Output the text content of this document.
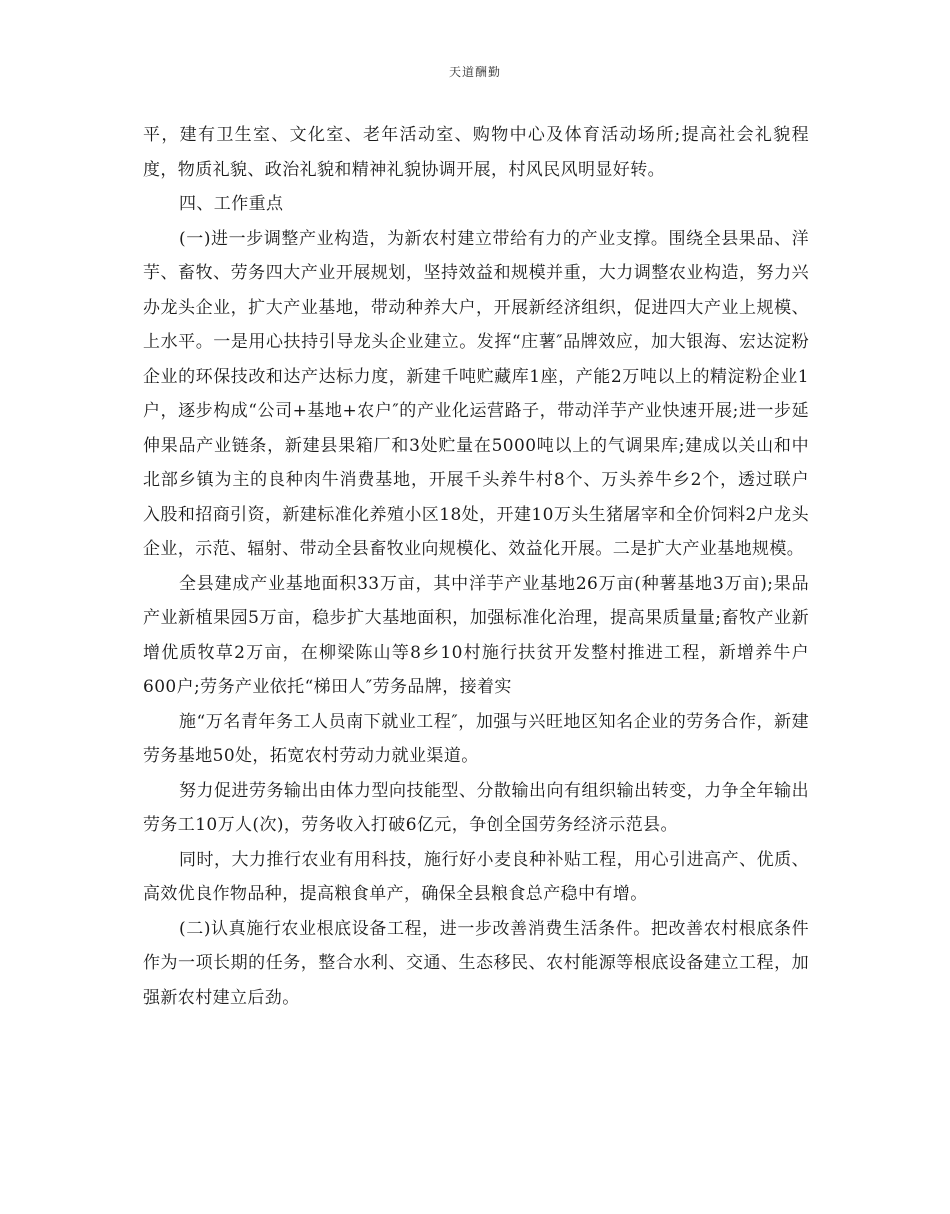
天道酬勤

平，建有卫生室、文化室、老年活动室、购物中心及体育活动场所;提高社会礼貌程度，物质礼貌、政治礼貌和精神礼貌协调开展，村风民风明显好转。

四、工作重点

(一)进一步调整产业构造，为新农村建立带给有力的产业支撑。围绕全县果品、洋芋、畜牧、劳务四大产业开展规划，坚持效益和规模并重，大力调整农业构造，努力兴办龙头企业，扩大产业基地，带动种养大户，开展新经济组织，促进四大产业上规模、上水平。一是用心扶持引导龙头企业建立。发挥“庄薯″品牌效应，加大银海、宏达淀粉企业的环保技改和达产达标力度，新建千吨贮藏库1座，产能2万吨以上的精淀粉企业1户，逐步构成“公司+基地+农户″的产业化运营路子，带动洋芋产业快速开展;进一步延伸果品产业链条，新建县果箱厂和3处贮量在5000吨以上的气调果库;建成以关山和中北部乡镇为主的良种肉牛消费基地，开展千头养牛村8个、万头养牛乡2个，透过联户入股和招商引资，新建标准化养殖小区18处，开建10万头生猪屠宰和全价饲料2户龙头企业，示范、辐射、带动全县畜牧业向规模化、效益化开展。二是扩大产业基地规模。

全县建成产业基地面积33万亩，其中洋芋产业基地26万亩(种薯基地3万亩);果品产业新植果园5万亩，稳步扩大基地面积，加强标准化治理，提高果质量量;畜牧产业新增优质牧草2万亩，在柳梁陈山等8乡10村施行扶贫开发整村推进工程，新增养牛户600户;劳务产业依托“梯田人″劳务品牌，接着实

施“万名青年务工人员南下就业工程″，加强与兴旺地区知名企业的劳务合作，新建劳务基地50处，拓宽农村劳动力就业渠道。

努力促进劳务输出由体力型向技能型、分散输出向有组织输出转变，力争全年输出劳务工10万人(次)，劳务收入打破6亿元，争创全国劳务经济示范县。

同时，大力推行农业有用科技，施行好小麦良种补贴工程，用心引进高产、优质、高效优良作物品种，提高粮食单产，确保全县粮食总产稳中有增。

(二)认真施行农业根底设备工程，进一步改善消费生活条件。把改善农村根底条件作为一项长期的任务，整合水利、交通、生态移民、农村能源等根底设备建立工程，加强新农村建立后劲。
